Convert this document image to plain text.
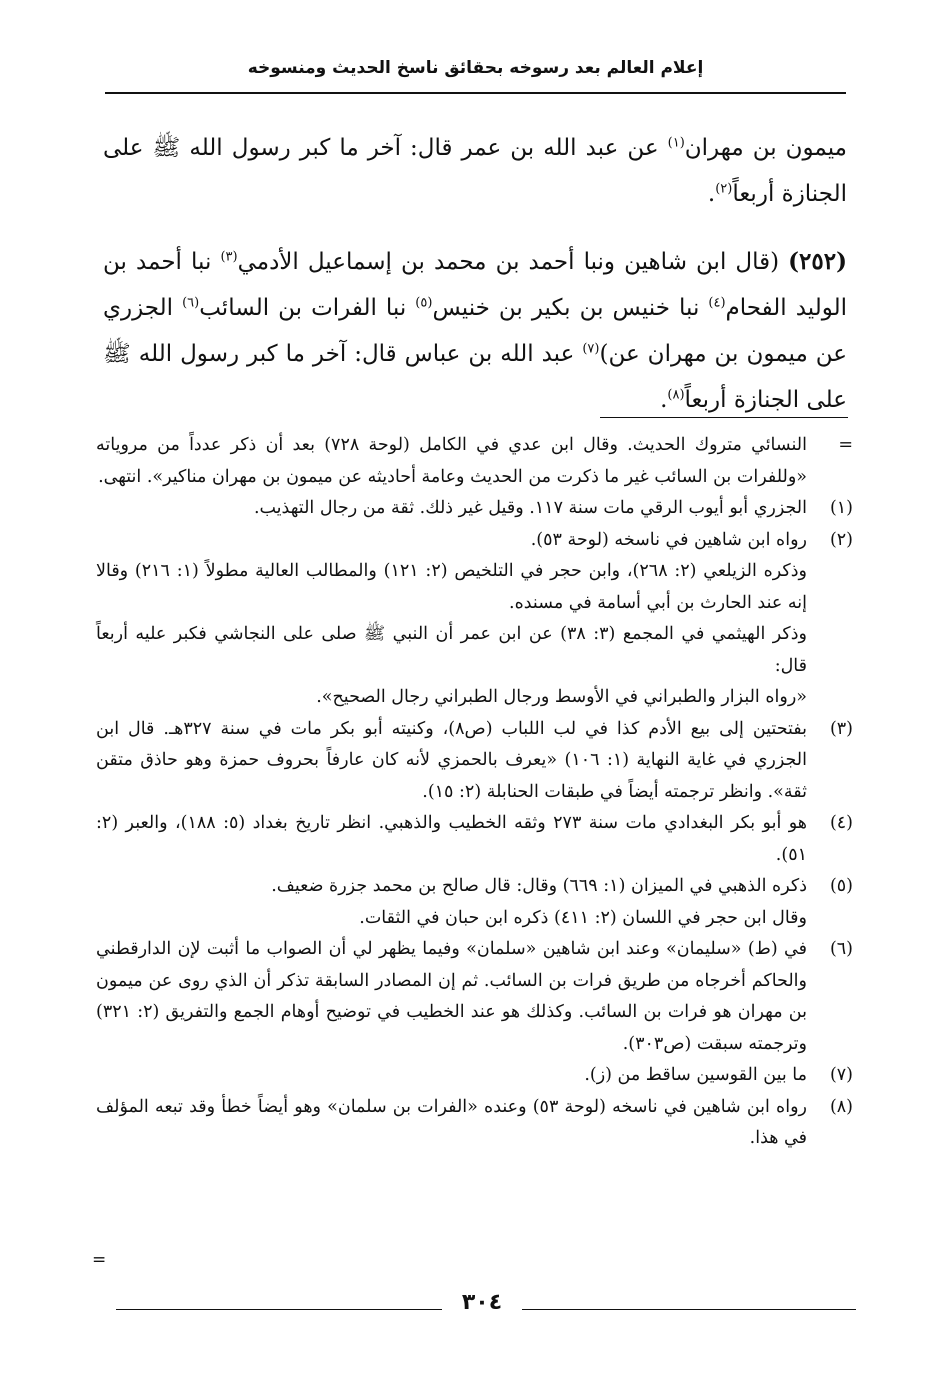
إعلام العالم بعد رسوخه بحقائق ناسخ الحديث ومنسوخه

ميمون بن مهران$^{(١)}$ عن عبد الله بن عمر قال: آخر ما كبر رسول الله ﷺ على الجنازة أربعاً$^{(٢)}$.

(٢٥٢) (قال ابن شاهين ونبا أحمد بن محمد بن إسماعيل الأدمي$^{(٣)}$ نبا أحمد بن الوليد الفحام$^{(٤)}$ نبا خنيس بن بكير بن خنيس$^{(٥)}$ نبا الفرات بن السائب$^{(٦)}$ الجزري عن ميمون بن مهران عن)$^{(٧)}$ عبد الله بن عباس قال: آخر ما كبر رسول الله ﷺ على الجنازة أربعاً$^{(٨)}$.

=
النسائي متروك الحديث. وقال ابن عدي في الكامل (لوحة ٧٢٨) بعد أن ذكر عدداً من مروياته «وللفرات بن السائب غير ما ذكرت من الحديث وعامة أحاديثه عن ميمون بن مهران مناكير». انتهى.
(١)
الجزري أبو أيوب الرقي مات سنة ١١٧. وقيل غير ذلك. ثقة من رجال التهذيب.
(٢)

رواه ابن شاهين في ناسخه (لوحة ٥٣).

وذكره الزيلعي (٢: ٢٦٨)، وابن حجر في التلخيص (٢: ١٢١) والمطالب العالية مطولاً (١: ٢١٦) وقالا إنه عند الحارث بن أبي أسامة في مسنده.

وذكر الهيثمي في المجمع (٣: ٣٨) عن ابن عمر أن النبي ﷺ صلى على النجاشي فكبر عليه أربعاً قال:

«رواه البزار والطبراني في الأوسط ورجال الطبراني رجال الصحيح».

(٣)
بفتحتين إلى بيع الأدم كذا في لب اللباب (ص٨)، وكنيته أبو بكر مات في سنة ٣٢٧هـ. قال ابن الجزري في غاية النهاية (١: ١٠٦) «يعرف بالحمزي لأنه كان عارفاً بحروف حمزة وهو حاذق متقن ثقة». وانظر ترجمته أيضاً في طبقات الحنابلة (٢: ١٥).
(٤)
هو أبو بكر البغدادي مات سنة ٢٧٣ وثقه الخطيب والذهبي. انظر تاريخ بغداد (٥: ١٨٨)، والعبر (٢: ٥١).
(٥)

ذكره الذهبي في الميزان (١: ٦٦٩) وقال: قال صالح بن محمد جزرة ضعيف.

وقال ابن حجر في اللسان (٢: ٤١١) ذكره ابن حبان في الثقات.

(٦)
في (ط) «سليمان» وعند ابن شاهين «سلمان» وفيما يظهر لي أن الصواب ما أثبت لإن الدارقطني والحاكم أخرجاه من طريق فرات بن السائب. ثم إن المصادر السابقة تذكر أن الذي روى عن ميمون بن مهران هو فرات بن السائب. وكذلك هو عند الخطيب في توضيح أوهام الجمع والتفريق (٢: ٣٢١) وترجمته سبقت (ص٣٠٣).
(٧)
ما بين القوسين ساقط من (ز).
(٨)
رواه ابن شاهين في ناسخه (لوحة ٥٣) وعنده «الفرات بن سلمان» وهو أيضاً خطأ وقد تبعه المؤلف في هذا.
=
٣٠٤
